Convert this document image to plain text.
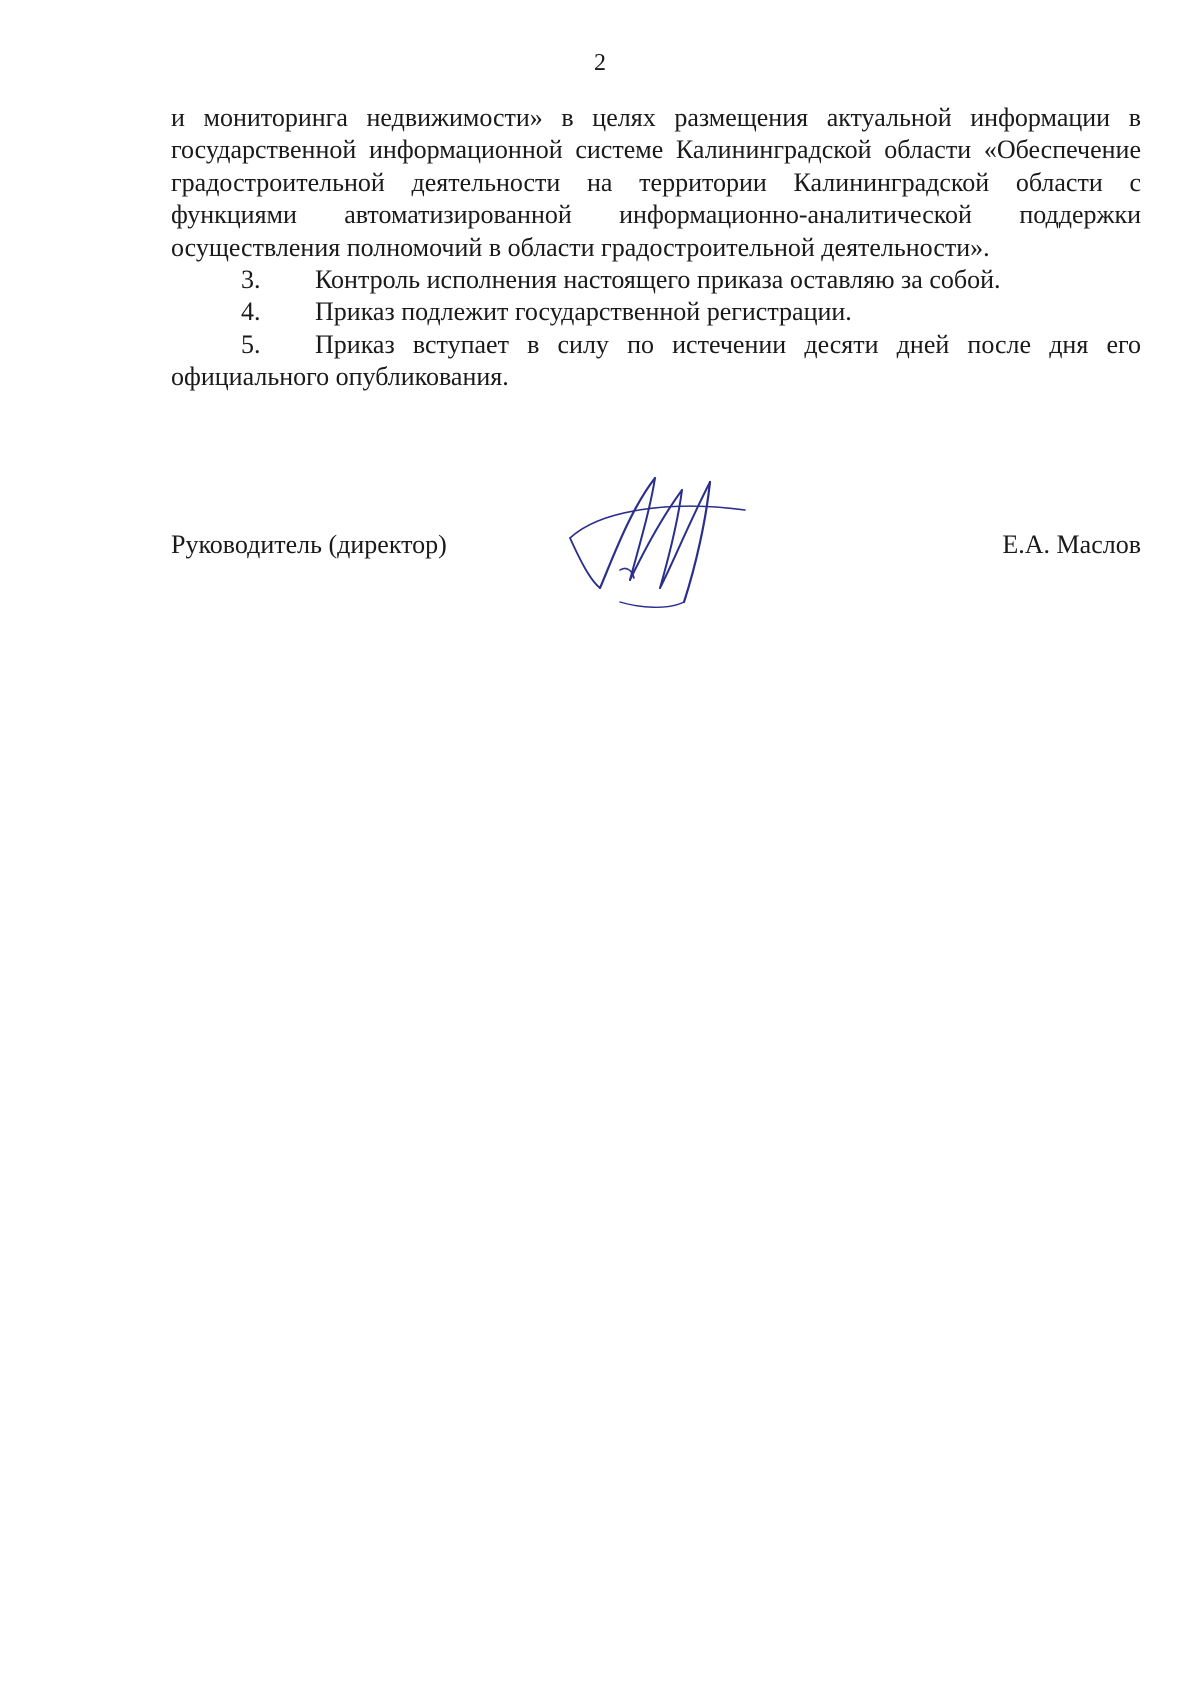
2

и мониторинга недвижимости» в целях размещения актуальной информации в государственной информационной системе Калининградской области «Обеспечение градостроительной деятельности на территории Калининградской области с функциями автоматизированной информационно-аналитической поддержки осуществления полномочий в области градостроительной деятельности».

3. Контроль исполнения настоящего приказа оставляю за собой.

4. Приказ подлежит государственной регистрации.

5. Приказ вступает в силу по истечении десяти дней после дня его официального опубликования.

Руководитель (директор)	Е.А. Маслов
